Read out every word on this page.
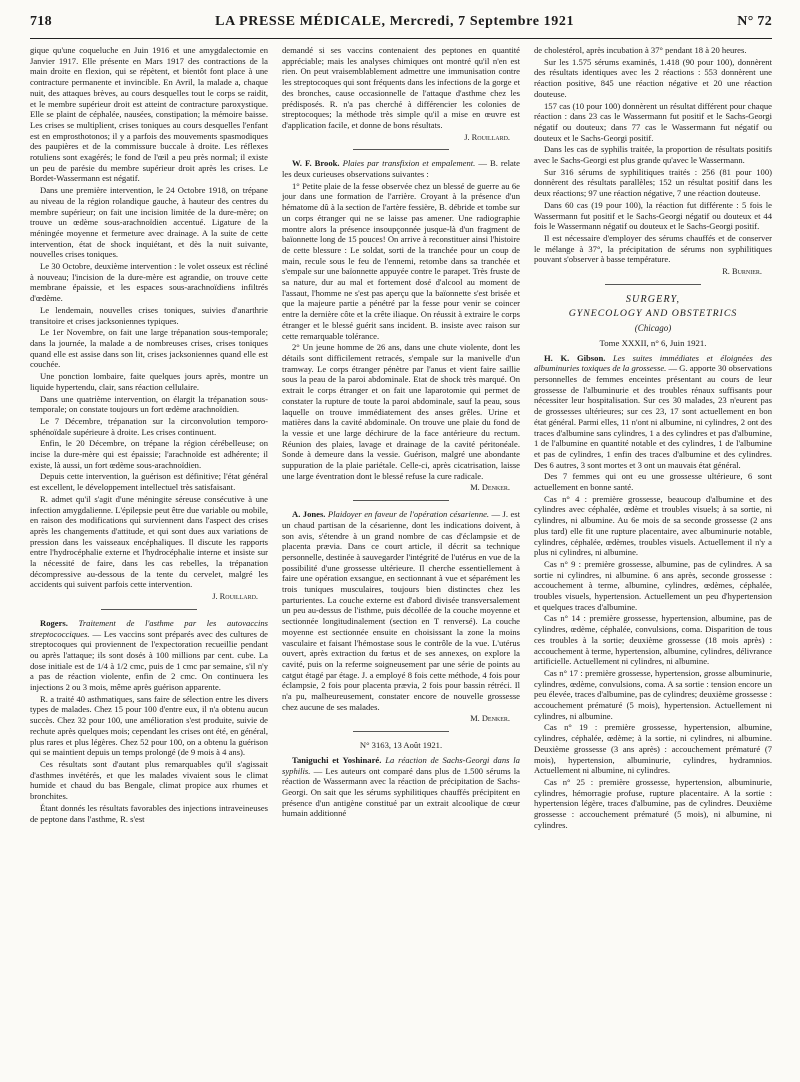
718	LA PRESSE MÉDICALE, Mercredi, 7 Septembre 1921	N° 72

gique qu'une coqueluche en Juin 1916 et une amygdalectomie en Janvier 1917. Elle présente en Mars 1917 des contractions de la main droite en flexion, qui se répètent, et bientôt font place à une contracture permanente et invincible. En Avril, la malade a, chaque nuit, des attaques brèves, au cours desquelles tout le corps se raidit, et le membre supérieur droit est atteint de contracture paroxystique. Elle se plaint de céphalée, nausées, constipation; la mémoire baisse. Les crises se multiplient, crises toniques au cours desquelles l'enfant est en emprosthotonos; il y a parfois des mouvements spasmodiques des paupières et de la commissure buccale à droite. Les réflexes rotuliens sont exagérés; le fond de l'œil a peu près normal; il existe un peu de parésie du membre supérieur droit après les crises. Le Bordet-Wassermann est négatif.

Dans une première intervention, le 24 Octobre 1918, on trépane au niveau de la région rolandique gauche, à hauteur des centres du membre supérieur; on fait une incision limitée de la dure-mère; on trouve un œdème sous-arachnoïdien accentué. Ligature de la méningée moyenne et fermeture avec drainage. A la suite de cette intervention, état de shock inquiétant, et dès la nuit suivante, nouvelles crises toniques.

Le 30 Octobre, deuxième intervention : le volet osseux est récliné à nouveau; l'incision de la dure-mère est agrandie, on trouve cette membrane épaissie, et les espaces sous-arachnoïdiens infiltrés d'œdème.

Le lendemain, nouvelles crises toniques, suivies d'anarthrie transitoire et crises jacksoniennes typiques.

Le 1er Novembre, on fait une large trépanation sous-temporale; dans la journée, la malade a de nombreuses crises, crises toniques quand elle est assise dans son lit, crises jacksoniennes quand elle est couchée.

Une ponction lombaire, faite quelques jours après, montre un liquide hypertendu, clair, sans réaction cellulaire.

Dans une quatrième intervention, on élargit la trépanation sous-temporale; on constate toujours un fort œdème arachnoïdien.

Le 7 Décembre, trépanation sur la circonvolution temporo-sphénoïdale supérieure à droite. Les crises continuent.

Enfin, le 20 Décembre, on trépane la région cérébelleuse; on incise la dure-mère qui est épaissie; l'arachnoïde est adhérente; il existe, là aussi, un fort œdème sous-arachnoïdien.

Depuis cette intervention, la guérison est définitive; l'état général est excellent, le développement intellectuel très satisfaisant.

R. admet qu'il s'agit d'une méningite séreuse consécutive à une infection amygdalienne. L'épilepsie peut être due variable ou mobile, en raison des modifications qui surviennent dans l'aspect des crises après les changements d'attitude, et qui sont dues aux variations de pression dans les vaisseaux encéphaliques. Il discute les rapports entre l'hydrocéphalie externe et l'hydrocéphalie interne et insiste sur la nécessité de faire, dans les cas rebelles, la trépanation décompressive au-dessous de la tente du cervelet, malgré les accidents qui suivent parfois cette intervention.

J. Rouillard.

Rogers. Traitement de l'asthme par les autovaccins streptococciques. — Les vaccins sont préparés avec des cultures de streptocoques qui proviennent de l'expectoration recueillie pendant ou après l'attaque; ils sont dosés à 100 millions par cent. cube. La dose initiale est de 1/4 à 1/2 cmc, puis de 1 cmc par semaine, s'il n'y a pas de réaction violente, enfin de 2 cmc. On continuera les injections 2 ou 3 mois, même après guérison apparente.

R. a traité 40 asthmatiques, sans faire de sélection entre les divers types de malades. Chez 15 pour 100 d'entre eux, il n'a obtenu aucun succès. Chez 32 pour 100, une amélioration s'est produite, suivie de rechute après quelques mois; cependant les crises ont été, en général, plus rares et plus légères. Chez 52 pour 100, on a obtenu la guérison qui se maintient depuis un temps prolongé (de 9 mois à 4 ans).

Ces résultats sont d'autant plus remarquables qu'il s'agissait d'asthmes invétérés, et que les malades vivaient sous le climat humide et chaud du bas Bengale, climat propice aux rhumes et bronchites.

Étant donnés les résultats favorables des injections intraveineuses de peptone dans l'asthme, R. s'est

demandé si ses vaccins contenaient des peptones en quantité appréciable; mais les analyses chimiques ont montré qu'il n'en est rien. On peut vraisemblablement admettre une immunisation contre les streptocoques qui sont fréquents dans les infections de la gorge et des bronches, cause occasionnelle de l'attaque d'asthme chez les prédisposés. R. n'a pas cherché à différencier les colonies de streptocoques; la méthode très simple qu'il a mise en œuvre est d'application facile, et donne de bons résultats.

J. Rouillard.

W. F. Brook. Plaies par transfixion et empalement. — B. relate les deux curieuses observations suivantes :

1° Petite plaie de la fesse observée chez un blessé de guerre au 6e jour dans une formation de l'arrière. Croyant à la présence d'un hématome dû à la section de l'artère fessière, B. débride et tombe sur un corps étranger qui ne se laisse pas amener. Une radiographie montre alors la présence insoupçonnée jusque-là d'un fragment de baïonnette long de 15 pouces! On arrive à reconstituer ainsi l'histoire de cette blessure : Le soldat, sorti de la tranchée pour un coup de main, recule sous le feu de l'ennemi, retombe dans sa tranchée et s'empale sur une baïonnette appuyée contre le parapet. Très fruste de sa nature, dur au mal et fortement dosé d'alcool au moment de l'assaut, l'homme ne s'est pas aperçu que la baïonnette s'est brisée et que la majeure partie a pénétré par la fesse pour venir se coincer entre la dernière côte et la crête iliaque. On réussit à extraire le corps étranger et le blessé guérit sans incident. B. insiste avec raison sur cette remarquable tolérance.

2° Un jeune homme de 26 ans, dans une chute violente, dont les détails sont difficilement retracés, s'empale sur la manivelle d'un tramway. Le corps étranger pénètre par l'anus et vient faire saillie sous la peau de la paroi abdominale. Etat de shock très marqué. On extrait le corps étranger et on fait une laparotomie qui permet de constater la rupture de toute la paroi abdominale, sauf la peau, sous laquelle on trouve immédiatement des anses grêles. Urine et matières dans la cavité abdominale. On trouve une plaie du fond de la vessie et une large déchirure de la face antérieure du rectum. Réunion des plaies, lavage et drainage de la cavité péritonéale. Sonde à demeure dans la vessie. Guérison, malgré une abondante suppuration de la plaie pariétale. Celle-ci, après cicatrisation, laisse une large éventration dont le blessé refuse la cure radicale.

M. Denker.

A. Jones. Plaidoyer en faveur de l'opération césarienne. — J. est un chaud partisan de la césarienne, dont les indications doivent, à son avis, s'étendre à un grand nombre de cas d'éclampsie et de placenta prævia. Dans ce court article, il décrit sa technique personnelle, destinée à sauvegarder l'intégrité de l'utérus en vue de la possibilité d'une grossesse ultérieure. Il cherche essentiellement à faire une opération exsangue, en sectionnant à vue et séparément les trois tuniques musculaires, toujours bien distinctes chez les parturientes. La couche externe est d'abord divisée transversalement un peu au-dessus de l'isthme, puis décollée de la couche moyenne et sectionnée longitudinalement (section en T renversé). La couche moyenne est sectionnée ensuite en choisissant la zone la moins vasculaire et faisant l'hémostase sous le contrôle de la vue. L'utérus ouvert, après extraction du fœtus et de ses annexes, on explore la cavité, puis on la referme soigneusement par une série de points au catgut étagé par étage. J. a employé 8 fois cette méthode, 4 fois pour éclampsie, 2 fois pour placenta prævia, 2 fois pour bassin rétréci. Il n'a pu, malheureusement, constater encore de nouvelle grossesse chez aucune de ses malades.

M. Denker.

N° 3163, 13 Août 1921.

Taniguchi et Yoshinaré. La réaction de Sachs-Georgi dans la syphilis. — Les auteurs ont comparé dans plus de 1.500 sérums la réaction de Wassermann avec la réaction de précipitation de Sachs-Georgi. On sait que les sérums syphilitiques chauffés précipitent en présence d'un antigène constitué par un extrait alcoolique de cœur humain additionné

de cholestérol, après incubation à 37° pendant 18 à 20 heures.

Sur les 1.575 sérums examinés, 1.418 (90 pour 100), donnèrent des résultats identiques avec les 2 réactions : 553 donnèrent une réaction positive, 845 une réaction négative et 20 une réaction douteuse.

157 cas (10 pour 100) donnèrent un résultat différent pour chaque réaction : dans 23 cas le Wassermann fut positif et le Sachs-Georgi négatif ou douteux; dans 77 cas le Wassermann fut négatif ou douteux et le Sachs-Georgi positif.

Dans les cas de syphilis traitée, la proportion de résultats positifs avec le Sachs-Georgi est plus grande qu'avec le Wassermann.

Sur 316 sérums de syphilitiques traités : 256 (81 pour 100) donnèrent des résultats parallèles; 152 un résultat positif dans les deux réactions; 97 une réaction négative, 7 une réaction douteuse.

Dans 60 cas (19 pour 100), la réaction fut différente : 5 fois le Wassermann fut positif et le Sachs-Georgi négatif ou douteux et 44 fois le Wassermann négatif ou douteux et le Sachs-Georgi positif.

Il est nécessaire d'employer des sérums chauffés et de conserver le mélange à 37°, la précipitation de sérums non syphilitiques pouvant s'observer à basse température.

R. Burnier.
SURGERY,
GYNECOLOGY AND OBSTETRICS
(Chicago)
Tome XXXII, n° 6, Juin 1921.

H. K. Gibson. Les suites immédiates et éloignées des albuminuries toxiques de la grossesse. — G. apporte 30 observations personnelles de femmes enceintes présentant au cours de leur grossesse de l'albuminurie et des troubles rénaux suffisants pour nécessiter leur hospitalisation. Sur ces 30 malades, 23 n'eurent pas de grossesses ultérieures; sur ces 23, 17 sont actuellement en bon état général. Parmi elles, 11 n'ont ni albumine, ni cylindres, 2 ont des traces d'albumine sans cylindres, 1 a des cylindres et pas d'albumine, 1 de l'albumine en quantité notable et des cylindres, 1 de l'albumine et pas de cylindres, 1 enfin des traces d'albumine et des cylindres. Des 6 autres, 3 sont mortes et 3 ont un mauvais état général.

Des 7 femmes qui ont eu une grossesse ultérieure, 6 sont actuellement en bonne santé.

Cas n° 4 : première grossesse, beaucoup d'albumine et des cylindres avec céphalée, œdème et troubles visuels; à sa sortie, ni cylindres, ni albumine. Au 6e mois de sa seconde grossesse (2 ans plus tard) elle fit une rupture placentaire, avec albuminurie notable, cylindres, céphalée, œdèmes, troubles visuels. Actuellement il n'y a plus ni cylindres, ni albumine.

Cas n° 9 : première grossesse, albumine, pas de cylindres. A sa sortie ni cylindres, ni albumine. 6 ans après, seconde grossesse : accouchement à terme, albumine, cylindres, œdèmes, céphalée, troubles visuels, hypertension. Actuellement un peu d'hypertension et quelques traces d'albumine.

Cas n° 14 : première grossesse, hypertension, albumine, pas de cylindres, œdème, céphalée, convulsions, coma. Disparition de tous ces troubles à la sortie; deuxième grossesse (18 mois après) : accouchement à terme, hypertension, albumine, cylindres, délivrance artificielle. Actuellement ni cylindres, ni albumine.

Cas n° 17 : première grossesse, hypertension, grosse albuminurie, cylindres, œdème, convulsions, coma. A sa sortie : tension encore un peu élevée, traces d'albumine, pas de cylindres; deuxième grossesse : accouchement prématuré (5 mois), hypertension. Actuellement ni cylindres, ni albumine.

Cas n° 19 : première grossesse, hypertension, albumine, cylindres, céphalée, œdème; à la sortie, ni cylindres, ni albumine. Deuxième grossesse (3 ans après) : accouchement prématuré (7 mois), hypertension, albuminurie, cylindres, hydramnios. Actuellement ni albumine, ni cylindres.

Cas n° 25 : première grossesse, hypertension, albuminurie, cylindres, hémorragie profuse, rupture placentaire. A la sortie : hypertension légère, traces d'albumine, pas de cylindres. Deuxième grossesse : accouchement prématuré (5 mois), ni albumine, ni cylindres.
